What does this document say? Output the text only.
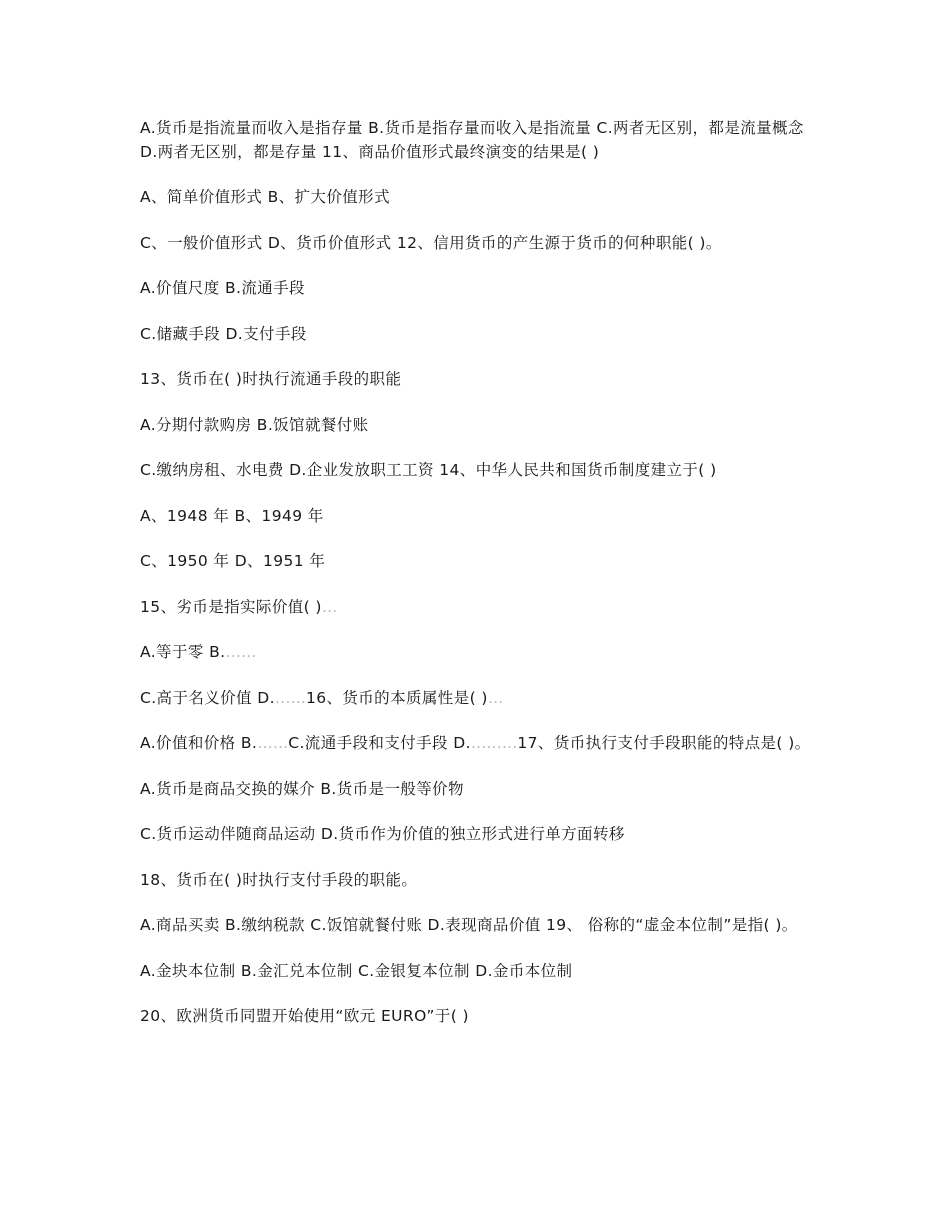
A.货币是指流量而收入是指存量 B.货币是指存量而收入是指流量 C.两者无区别，都是流量概念 D.两者无区别，都是存量 11、商品价值形式最终演变的结果是( )

A、简单价值形式 B、扩大价值形式

C、一般价值形式 D、货币价值形式 12、信用货币的产生源于货币的何种职能( )。

A.价值尺度 B.流通手段

C.储藏手段 D.支付手段

13、货币在( )时执行流通手段的职能

A.分期付款购房 B.饭馆就餐付账

C.缴纳房租、水电费 D.企业发放职工工资 14、中华人民共和国货币制度建立于( )

A、1948 年 B、1949 年

C、1950 年 D、1951 年

15、劣币是指实际价值( )…

A.等于零 B.……

C.高于名义价值 D.……16、货币的本质属性是( )…

A.价值和价格 B.……C.流通手段和支付手段 D.………17、货币执行支付手段职能的特点是( )。

A.货币是商品交换的媒介 B.货币是一般等价物

C.货币运动伴随商品运动 D.货币作为价值的独立形式进行单方面转移

18、货币在( )时执行支付手段的职能。

A.商品买卖 B.缴纳税款 C.饭馆就餐付账 D.表现商品价值 19、 俗称的“虚金本位制”是指( )。

A.金块本位制 B.金汇兑本位制 C.金银复本位制 D.金币本位制

20、欧洲货币同盟开始使用“欧元 EURO”于( )
